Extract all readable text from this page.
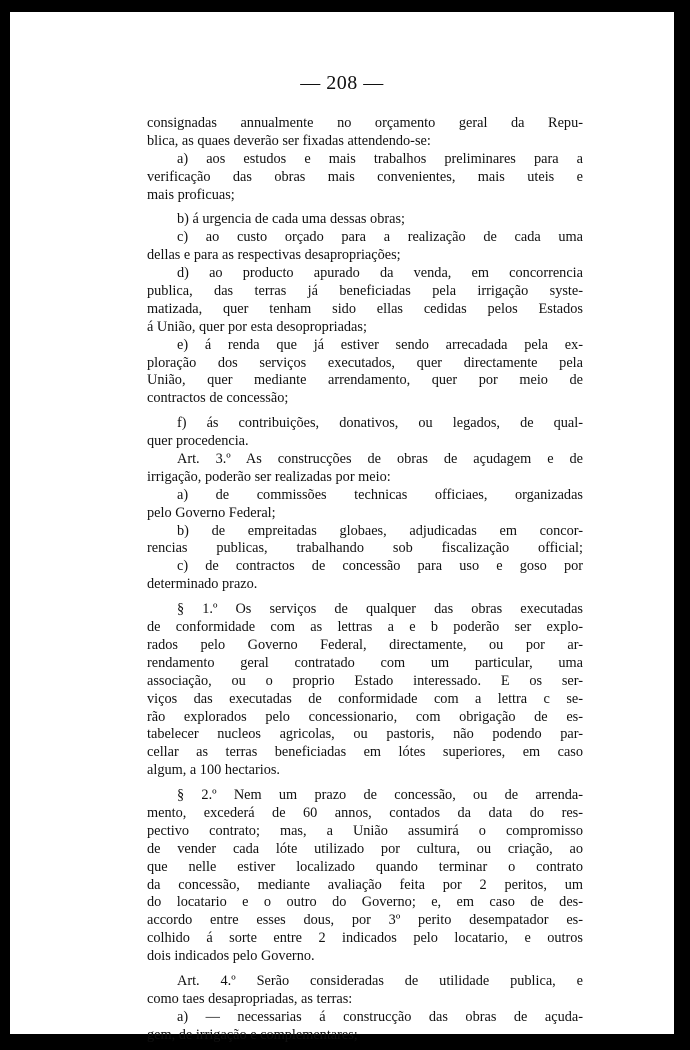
— 208 —
consignadas annualmente no orçamento geral da Repu-
blica, as quaes deverão ser fixadas attendendo-se:
a) aos estudos e mais trabalhos preliminares para a
verificação das obras mais convenientes, mais uteis e
mais proficuas;
b) á urgencia de cada uma dessas obras;
c) ao custo orçado para a realização de cada uma
dellas e para as respectivas desapropriações;
d) ao producto apurado da venda, em concorrencia
publica, das terras já beneficiadas pela irrigação syste-
matizada, quer tenham sido ellas cedidas pelos Estados
á União, quer por esta desopropriadas;
e) á renda que já estiver sendo arrecadada pela ex-
ploração dos serviços executados, quer directamente pela
União, quer mediante arrendamento, quer por meio de
contractos de concessão;
f) ás contribuições, donativos, ou legados, de qual-
quer procedencia.
Art. 3.º As construcções de obras de açudagem e de
irrigação, poderão ser realizadas por meio:
a) de commissões technicas officiaes, organizadas
pelo Governo Federal;
b) de empreitadas globaes, adjudicadas em concor-
rencias publicas, trabalhando sob fiscalização official;
c) de contractos de concessão para uso e goso por
determinado prazo.
§ 1.º Os serviços de qualquer das obras executadas
de conformidade com as lettras a e b poderão ser explo-
rados pelo Governo Federal, directamente, ou por ar-
rendamento geral contratado com um particular, uma
associação, ou o proprio Estado interessado. E os ser-
viços das executadas de conformidade com a lettra c se-
rão explorados pelo concessionario, com obrigação de es-
tabelecer nucleos agricolas, ou pastoris, não podendo par-
cellar as terras beneficiadas em lótes superiores, em caso
algum, a 100 hectarios.
§ 2.º Nem um prazo de concessão, ou de arrenda-
mento, excederá de 60 annos, contados da data do res-
pectivo contrato; mas, a União assumirá o compromisso
de vender cada lóte utilizado por cultura, ou criação, ao
que nelle estiver localizado quando terminar o contrato
da concessão, mediante avaliação feita por 2 peritos, um
do locatario e o outro do Governo; e, em caso de des-
accordo entre esses dous, por 3º perito desempatador es-
colhido á sorte entre 2 indicados pelo locatario, e outros
dois indicados pelo Governo.
Art. 4.º Serão consideradas de utilidade publica, e
como taes desapropriadas, as terras:
a) — necessarias á construcção das obras de açuda-
gem, de irrigação e complementares;
